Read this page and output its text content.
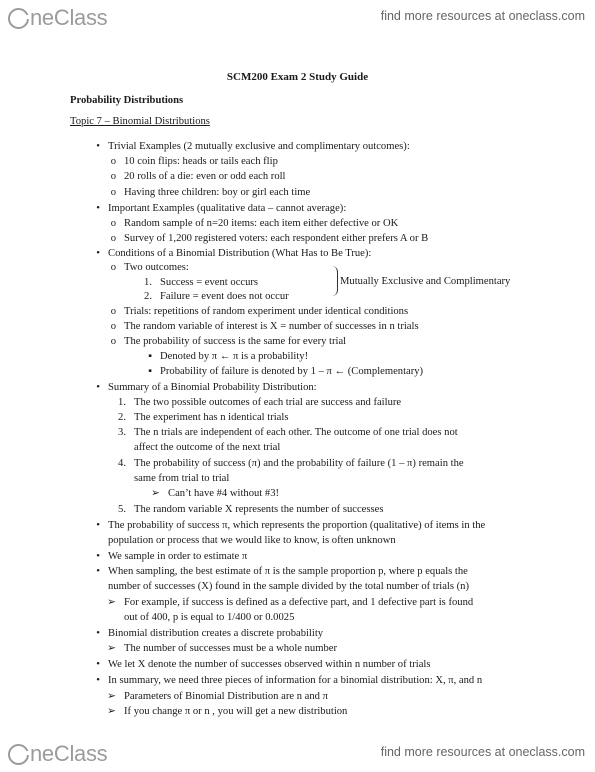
neClass	find more resources at oneclass.com
SCM200 Exam 2 Study Guide
Probability Distributions
Topic 7 – Binomial Distributions
• Trivial Examples (2 mutually exclusive and complimentary outcomes):
o 10 coin flips: heads or tails each flip
o 20 rolls of a die: even or odd each roll
o Having three children: boy or girl each time
• Important Examples (qualitative data – cannot average):
o Random sample of n=20 items: each item either defective or OK
o Survey of 1,200 registered voters: each respondent either prefers A or B
• Conditions of a Binomial Distribution (What Has to Be True):
o Two outcomes:
1. Success = event occurs
2. Failure = event does not occur
o Trials: repetitions of random experiment under identical conditions
o The random variable of interest is X = number of successes in n trials
o The probability of success is the same for every trial
▪ Denoted by π ← π is a probability!
▪ Probability of failure is denoted by 1 – π ← (Complementary)
• Summary of a Binomial Probability Distribution:
1. The two possible outcomes of each trial are success and failure
2. The experiment has n identical trials
3. The n trials are independent of each other. The outcome of one trial does not
affect the outcome of the next trial
4. The probability of success (π) and the probability of failure (1 – π) remain the
same from trial to trial
➢ Can’t have #4 without #3!
5. The random variable X represents the number of successes
• The probability of success π, which represents the proportion (qualitative) of items in the
population or process that we would like to know, is often unknown
• We sample in order to estimate π
• When sampling, the best estimate of π is the sample proportion p, where p equals the
number of successes (X) found in the sample divided by the total number of trials (n)
➢ For example, if success is defined as a defective part, and 1 defective part is found
out of 400, p is equal to 1/400 or 0.0025
• Binomial distribution creates a discrete probability
➢ The number of successes must be a whole number
• We let X denote the number of successes observed within n number of trials
• In summary, we need three pieces of information for a binomial distribution: X, π, and n
➢ Parameters of Binomial Distribution are n and π
➢ If you change π or n , you will get a new distribution
Mutually Exclusive and Complimentary
neClass	find more resources at oneclass.com
